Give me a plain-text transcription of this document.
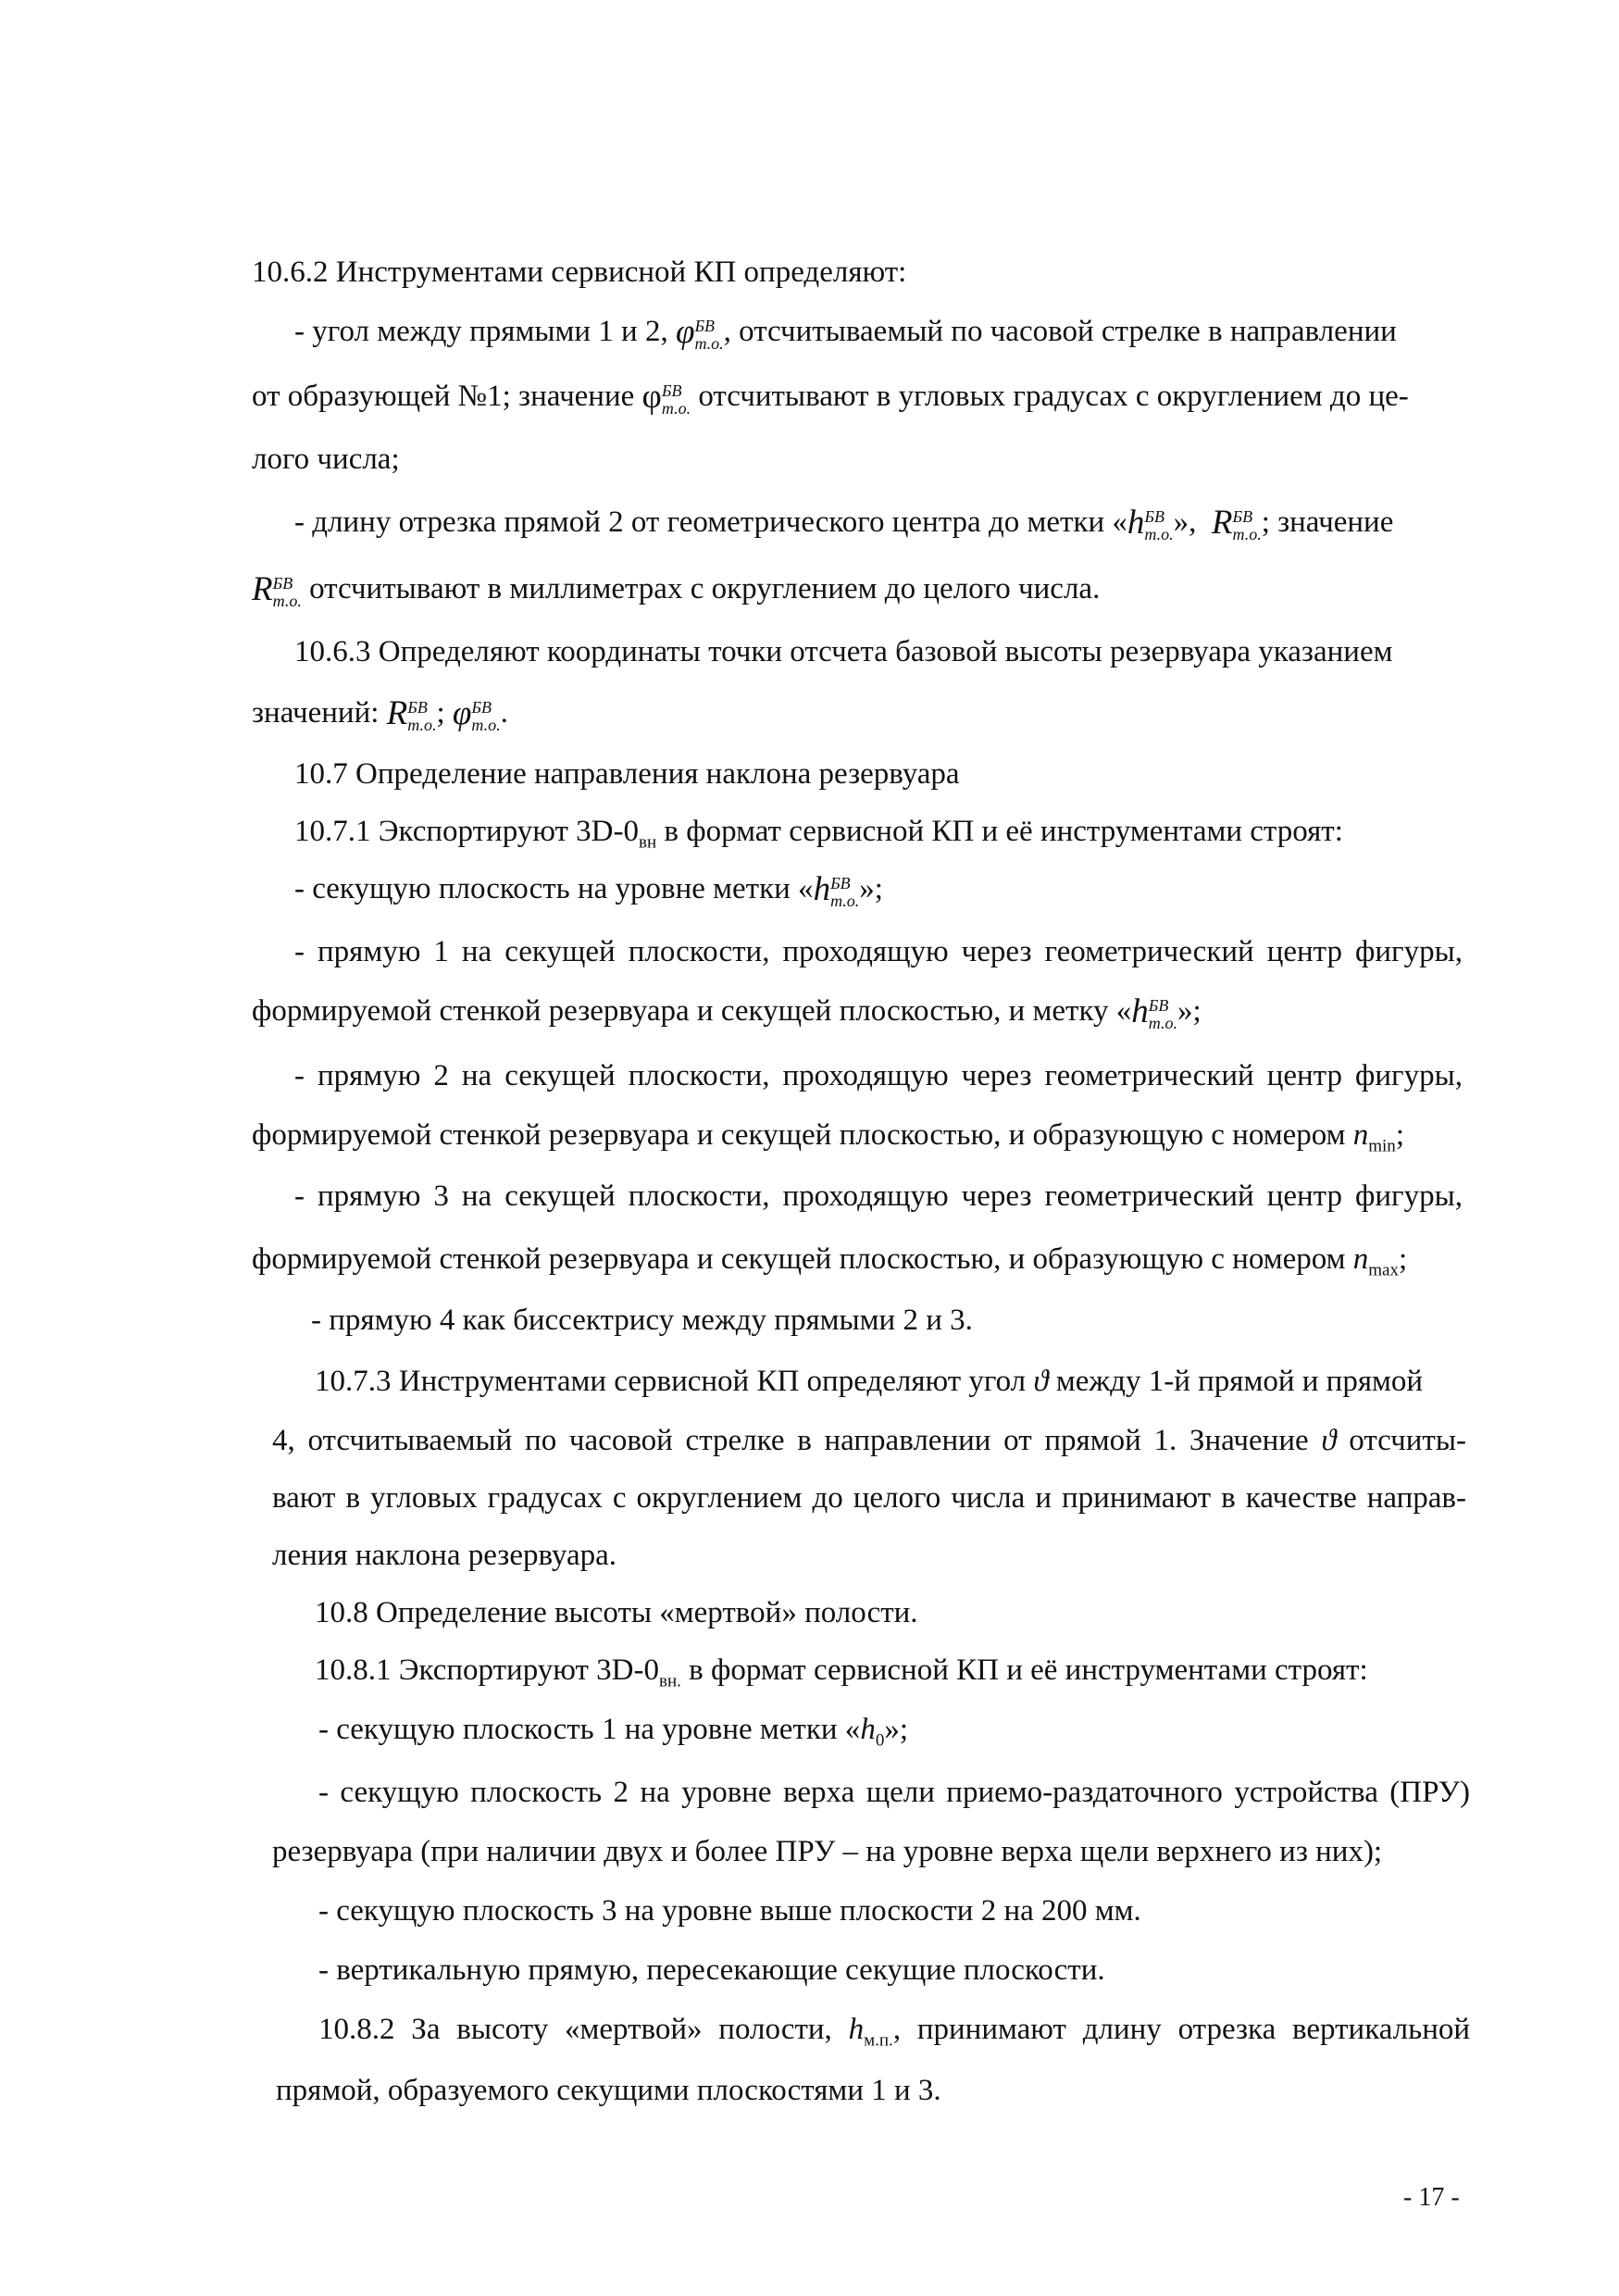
10.6.2 Инструментами сервисной КП определяют:

- угол между прямыми 1 и 2, φБВ
т.о., отсчитываемый по часовой стрелке в направлении

от образующей №1; значение φБВ
т.о. отсчитывают в угловых градусах с округлением до це-

лого числа;

- длину отрезка прямой 2 от геометрического центра до метки «hБВ
т.о.», RБВ
т.о.; значение

RБВ
т.о. отсчитывают в миллиметрах с округлением до целого числа.

10.6.3 Определяют координаты точки отсчета базовой высоты резервуара указанием

значений: RБВ
т.о.; φБВ
т.о..

10.7 Определение направления наклона резервуара

10.7.1 Экспортируют $3D-0_{вн}$ в формат сервисной КП и её инструментами строят:

- секущую плоскость на уровне метки «hБВ
т.о.»;

- прямую 1 на секущей плоскости, проходящую через геометрический центр фигуры,

формируемой стенкой резервуара и секущей плоскостью, и метку «hБВ
т.о.»;

- прямую 2 на секущей плоскости, проходящую через геометрический центр фигуры,

формируемой стенкой резервуара и секущей плоскостью, и образующую с номером $n_{min}$;

- прямую 3 на секущей плоскости, проходящую через геометрический центр фигуры,

формируемой стенкой резервуара и секущей плоскостью, и образующую с номером $n_{max}$;

- прямую 4 как биссектрису между прямыми 2 и 3.

10.7.3 Инструментами сервисной КП определяют угол ϑ между 1-й прямой и прямой

4, отсчитываемый по часовой стрелке в направлении от прямой 1. Значение ϑ отсчиты-

вают в угловых градусах с округлением до целого числа и принимают в качестве направ-

ления наклона резервуара.

10.8 Определение высоты «мертвой» полости.

10.8.1 Экспортируют $3D-0_{вн.}$ в формат сервисной КП и её инструментами строят:

- секущую плоскость 1 на уровне метки «$h_0$»;

- секущую плоскость 2 на уровне верха щели приемо-раздаточного устройства (ПРУ)

резервуара (при наличии двух и более ПРУ – на уровне верха щели верхнего из них);

- секущую плоскость 3 на уровне выше плоскости 2 на 200 мм.

- вертикальную прямую, пересекающие секущие плоскости.

10.8.2 За высоту «мертвой» полости, $h_{м.п.}$, принимают длину отрезка вертикальной

прямой, образуемого секущими плоскостями 1 и 3.

- 17 -
